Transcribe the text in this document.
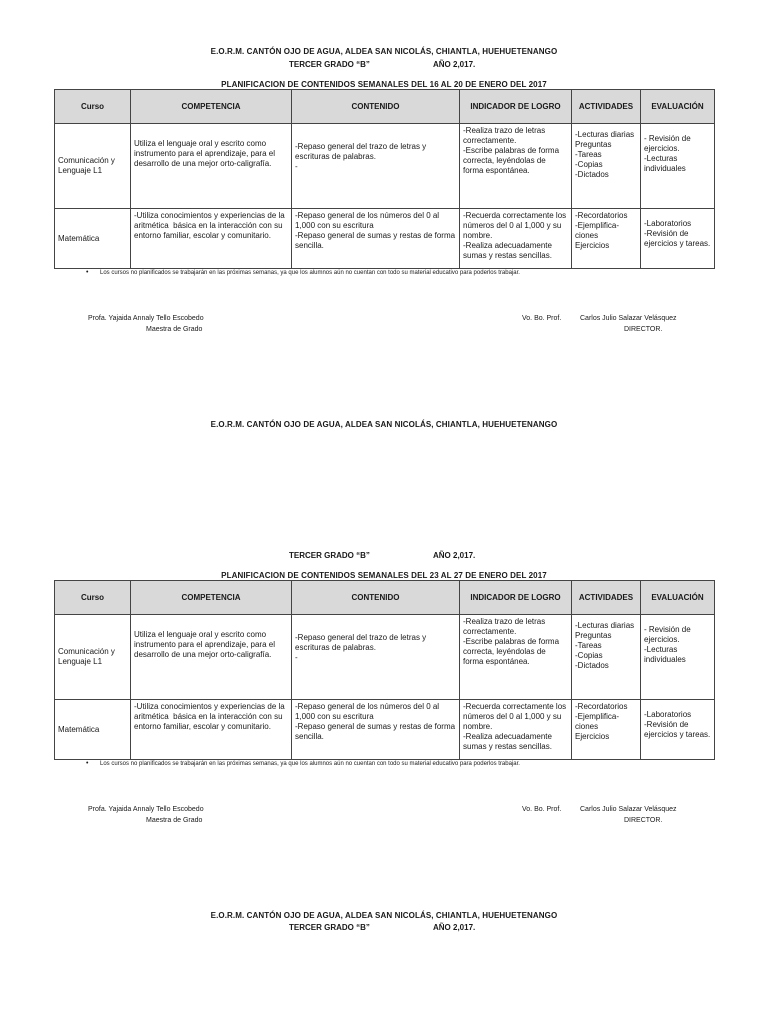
E.O.R.M. CANTÓN OJO DE AGUA, ALDEA SAN NICOLÁS, CHIANTLA, HUEHUETENANGO
TERCER GRADO “B”	AÑO 2,017.
PLANIFICACION DE CONTENIDOS SEMANALES DEL 16 AL 20 DE ENERO DEL 2017
Curso	COMPETENCIA	CONTENIDO	INDICADOR DE LOGRO	ACTIVIDADES	EVALUACIÓN
Comunicación y Lenguaje L1	Utiliza el lenguaje oral y escrito como instrumento para el aprendizaje, para el desarrollo de una mejor orto-caligrafía.	-Repaso general del trazo de letras y escrituras de palabras.
-	-Realiza trazo de letras correctamente.
-Escribe palabras de forma correcta, leyéndolas de forma espontánea.	-Lecturas diarias
Preguntas
-Tareas
-Copias
-Dictados	- Revisión de ejercicios.
-Lecturas individuales

Matemática	-Utiliza conocimientos y experiencias de la aritmética  básica en la interacción con su entorno familiar, escolar y comunitario.	-Repaso general de los números del 0 al 1,000 con su escritura
-Repaso general de sumas y restas de forma sencilla.	-Recuerda correctamente los números del 0 al 1,000 y su nombre.
-Realiza adecuadamente sumas y restas sencillas.	-Recordatorios
-Ejemplifica-ciones
Ejercicios	-Laboratorios
-Revisión de ejercicios y tareas.
• Los cursos no planificados se trabajarán en las próximas semanas, ya que los alumnos aún no cuentan con todo su material educativo para poderlos trabajar.
Profa. Yajaida Annaly Tello Escobedo
Maestra de Grado
Vo. Bo. Prof.	Carlos Julio Salazar Velásquez
DIRECTOR.
E.O.R.M. CANTÓN OJO DE AGUA, ALDEA SAN NICOLÁS, CHIANTLA, HUEHUETENANGO
TERCER GRADO “B”	AÑO 2,017.
PLANIFICACION DE CONTENIDOS SEMANALES DEL 23 AL 27 DE ENERO DEL 2017
Curso	COMPETENCIA	CONTENIDO	INDICADOR DE LOGRO	ACTIVIDADES	EVALUACIÓN
Comunicación y Lenguaje L1	Utiliza el lenguaje oral y escrito como instrumento para el aprendizaje, para el desarrollo de una mejor orto-caligrafía.	-Repaso general del trazo de letras y escrituras de palabras.
-	-Realiza trazo de letras correctamente.
-Escribe palabras de forma correcta, leyéndolas de forma espontánea.	-Lecturas diarias
Preguntas
-Tareas
-Copias
-Dictados	- Revisión de ejercicios.
-Lecturas individuales

Matemática	-Utiliza conocimientos y experiencias de la aritmética  básica en la interacción con su entorno familiar, escolar y comunitario.	-Repaso general de los números del 0 al 1,000 con su escritura
-Repaso general de sumas y restas de forma sencilla.	-Recuerda correctamente los números del 0 al 1,000 y su nombre.
-Realiza adecuadamente sumas y restas sencillas.	-Recordatorios
-Ejemplifica-ciones
Ejercicios	-Laboratorios
-Revisión de ejercicios y tareas.
• Los cursos no planificados se trabajarán en las próximas semanas, ya que los alumnos aún no cuentan con todo su material educativo para poderlos trabajar.
Profa. Yajaida Annaly Tello Escobedo
Maestra de Grado
Vo. Bo. Prof.	Carlos Julio Salazar Velásquez
DIRECTOR.
E.O.R.M. CANTÓN OJO DE AGUA, ALDEA SAN NICOLÁS, CHIANTLA, HUEHUETENANGO
TERCER GRADO “B”	AÑO 2,017.
